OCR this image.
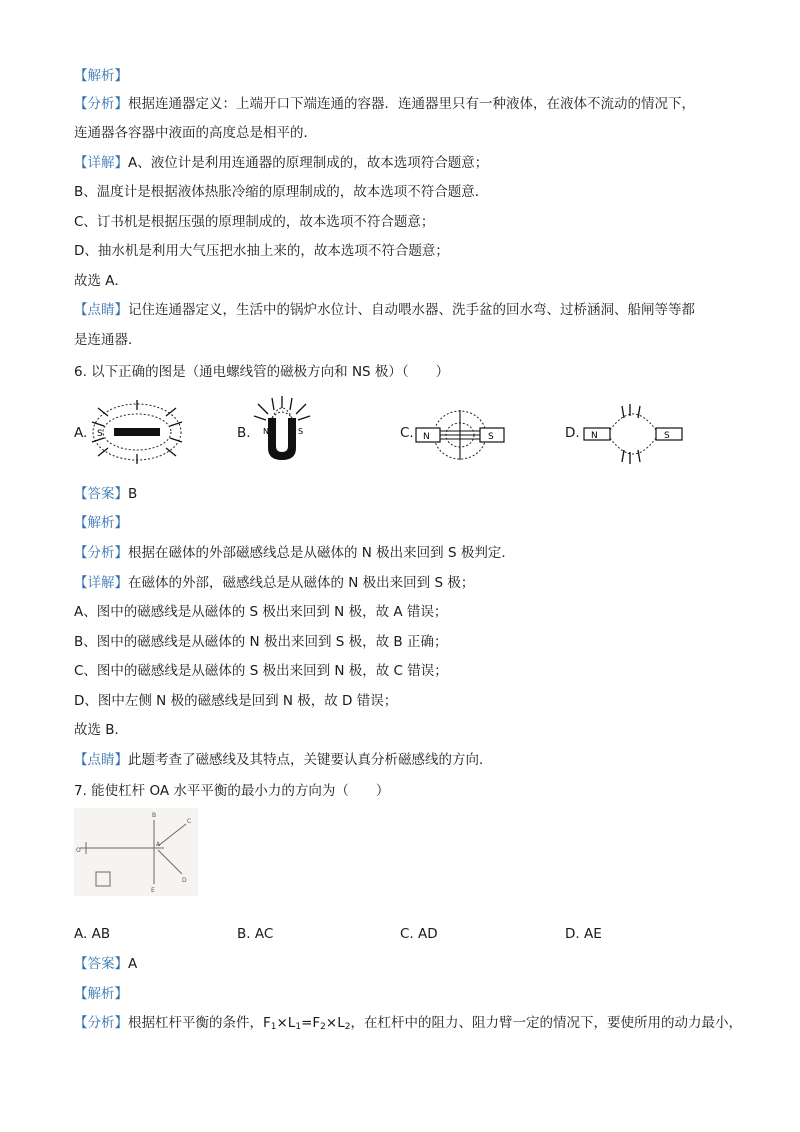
【解析】
【分析】根据连通器定义：上端开口下端连通的容器．连通器里只有一种液体，在液体不流动的情况下，
连通器各容器中液面的高度总是相平的．
【详解】A、液位计是利用连通器的原理制成的，故本选项符合题意；
B、温度计是根据液体热胀冷缩的原理制成的，故本选项不符合题意．
C、订书机是根据压强的原理制成的，故本选项不符合题意；
D、抽水机是利用大气压把水抽上来的，故本选项不符合题意；
故选 A．
【点睛】记住连通器定义，生活中的锅炉水位计、自动喂水器、洗手盆的回水弯、过桥涵洞、船闸等等都
是连通器．
6. 以下正确的图是（通电螺线管的磁极方向和 NS 极）（　　）
A. S	B. N	S	C. N	S	D. N	S
【答案】B
【解析】
【分析】根据在磁体的外部磁感线总是从磁体的 N 极出来回到 S 极判定．
【详解】在磁体的外部，磁感线总是从磁体的 N 极出来回到 S 极；
A、图中的磁感线是从磁体的 S 极出来回到 N 极，故 A 错误；
B、图中的磁感线是从磁体的 N 极出来回到 S 极，故 B 正确；
C、图中的磁感线是从磁体的 S 极出来回到 N 极，故 C 错误；
D、图中左侧 N 极的磁感线是回到 N 极，故 D 错误；
故选 B．
【点睛】此题考查了磁感线及其特点，关键要认真分析磁感线的方向．
7. 能使杠杆 OA 水平平衡的最小力的方向为（　　）
B
C
A
D
E
O
A. AB	B. AC	C. AD	D. AE
【答案】A
【解析】
【分析】根据杠杆平衡的条件，$F_1\times L_1=F_2\times L_2$，在杠杆中的阻力、阻力臂一定的情况下，要使所用的动力最小，
